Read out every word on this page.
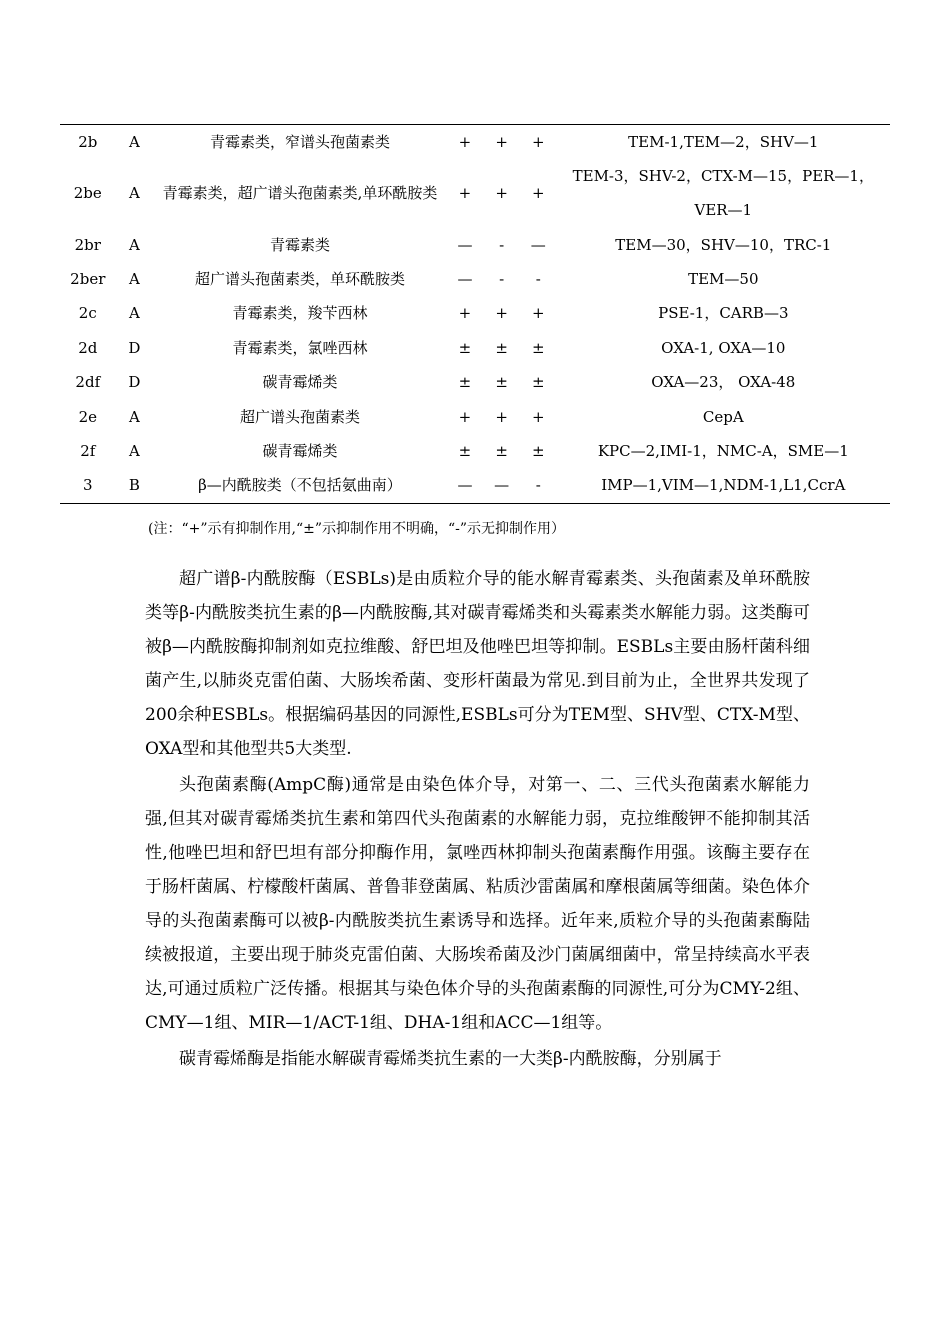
2b	A	青霉素类，窄谱头孢菌素类	+	+	+	TEM-1,TEM—2，SHV—1
2be	A	青霉素类，超广谱头孢菌素类,单环酰胺类	+	+	+	TEM-3，SHV-2，CTX-M—15，PER—1，VER—1
2br	A	青霉素类	—	-	—	TEM—30，SHV—10，TRC-1
2ber	A	超广谱头孢菌素类，单环酰胺类	—	-	-	TEM—50
2c	A	青霉素类，羧苄西林	+	+	+	PSE-1，CARB—3
2d	D	青霉素类，氯唑西林	±	±	±	OXA-1, OXA—10
2df	D	碳青霉烯类	±	±	±	OXA—23， OXA-48
2e	A	超广谱头孢菌素类	+	+	+	CepA
2f	A	碳青霉烯类	±	±	±	KPC—2,IMI-1，NMC-A，SME—1
3	B	β—内酰胺类（不包括氨曲南）	—	—	-	IMP—1,VIM—1,NDM-1,L1,CcrA
(注：“+”示有抑制作用,“±”示抑制作用不明确，“-”示无抑制作用）

超广谱β-内酰胺酶（ESBLs)是由质粒介导的能水解青霉素类、头孢菌素及单环酰胺类等β-内酰胺类抗生素的β—内酰胺酶,其对碳青霉烯类和头霉素类水解能力弱。这类酶可被β—内酰胺酶抑制剂如克拉维酸、舒巴坦及他唑巴坦等抑制。ESBLs主要由肠杆菌科细菌产生,以肺炎克雷伯菌、大肠埃希菌、变形杆菌最为常见.到目前为止，全世界共发现了200余种ESBLs。根据编码基因的同源性,ESBLs可分为TEM型、SHV型、CTX-M型、OXA型和其他型共5大类型.

头孢菌素酶(AmpC酶)通常是由染色体介导，对第一、二、三代头孢菌素水解能力强,但其对碳青霉烯类抗生素和第四代头孢菌素的水解能力弱，克拉维酸钾不能抑制其活性,他唑巴坦和舒巴坦有部分抑酶作用，氯唑西林抑制头孢菌素酶作用强。该酶主要存在于肠杆菌属、柠檬酸杆菌属、普鲁菲登菌属、粘质沙雷菌属和摩根菌属等细菌。染色体介导的头孢菌素酶可以被β-内酰胺类抗生素诱导和选择。近年来,质粒介导的头孢菌素酶陆续被报道，主要出现于肺炎克雷伯菌、大肠埃希菌及沙门菌属细菌中，常呈持续高水平表达,可通过质粒广泛传播。根据其与染色体介导的头孢菌素酶的同源性,可分为CMY-2组、CMY—1组、MIR—1/ACT-1组、DHA-1组和ACC—1组等。

碳青霉烯酶是指能水解碳青霉烯类抗生素的一大类β-内酰胺酶，分别属于
